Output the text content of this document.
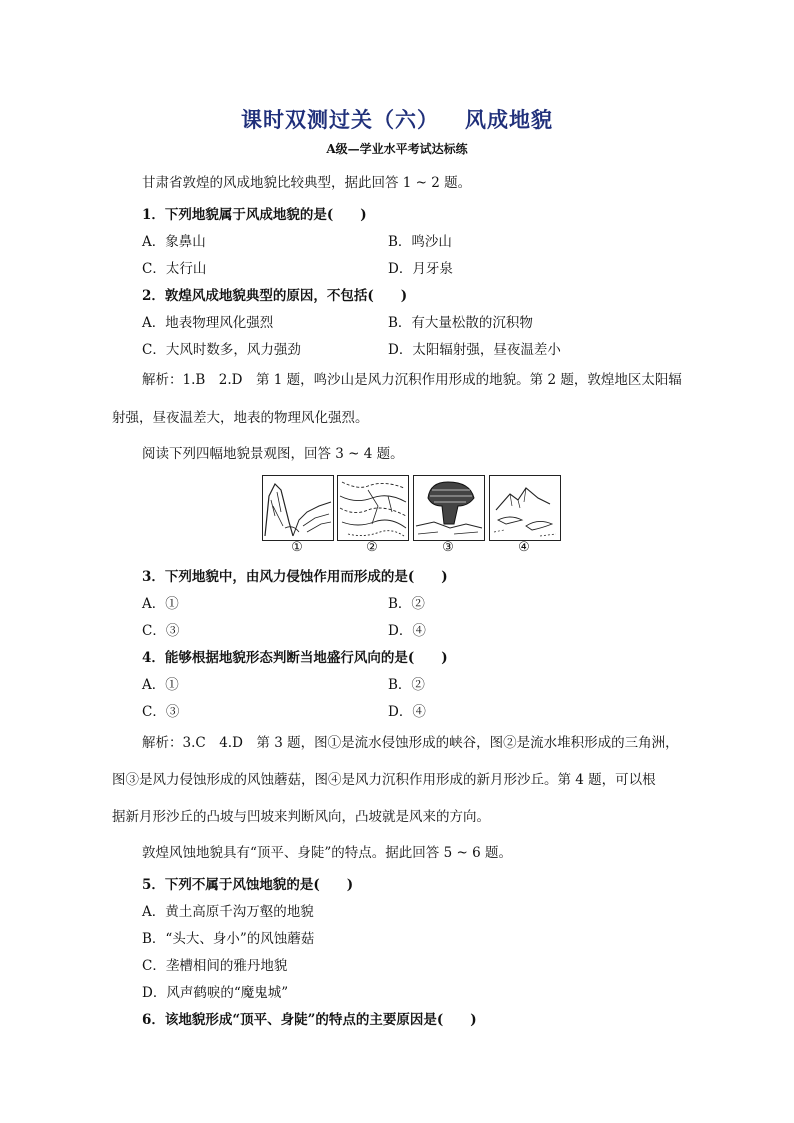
课时双测过关（六） 风成地貌
A级—学业水平考试达标练
甘肃省敦煌的风成地貌比较典型，据此回答 1 ~ 2 题。
1．下列地貌属于风成地貌的是(　　)
A．象鼻山	B．鸣沙山
C．太行山	D．月牙泉
2．敦煌风成地貌典型的原因，不包括(　　)
A．地表物理风化强烈	B．有大量松散的沉积物
C．大风时数多，风力强劲	D．太阳辐射强，昼夜温差小
解析：1.B　2.D　第 1 题，鸣沙山是风力沉积作用形成的地貌。第 2 题，敦煌地区太阳辐
射强，昼夜温差大，地表的物理风化强烈。
阅读下列四幅地貌景观图，回答 3 ~ 4 题。
①	②	③	④
3．下列地貌中，由风力侵蚀作用而形成的是(　　)
A．①	B．②
C．③	D．④
4．能够根据地貌形态判断当地盛行风向的是(　　)
A．①	B．②
C．③	D．④
解析：3.C　4.D　第 3 题，图①是流水侵蚀形成的峡谷，图②是流水堆积形成的三角洲，
图③是风力侵蚀形成的风蚀蘑菇，图④是风力沉积作用形成的新月形沙丘。第 4 题，可以根
据新月形沙丘的凸坡与凹坡来判断风向，凸坡就是风来的方向。
敦煌风蚀地貌具有“顶平、身陡”的特点。据此回答 5 ~ 6 题。
5．下列不属于风蚀地貌的是(　　)
A．黄土高原千沟万壑的地貌
B．“头大、身小”的风蚀蘑菇
C．垄槽相间的雅丹地貌
D．风声鹤唳的“魔鬼城”
6．该地貌形成“顶平、身陡”的特点的主要原因是(　　)
